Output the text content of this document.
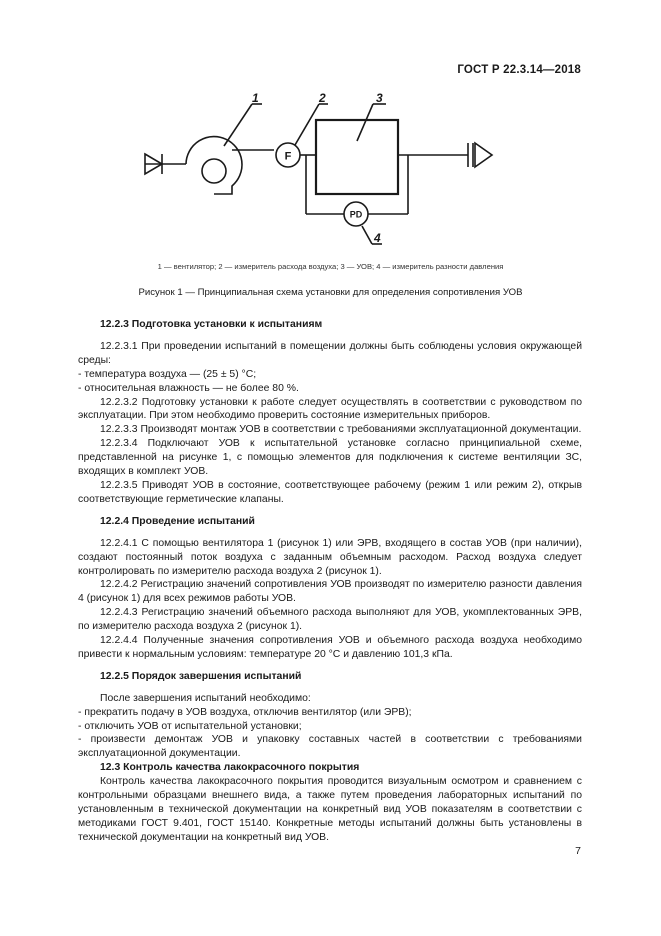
ГОСТ Р 22.3.14—2018
1	2	3
4
F
PD
1 — вентилятор; 2 — измеритель расхода воздуха; 3 — УОВ; 4 — измеритель разности давления
Рисунок 1 — Принципиальная схема установки для определения сопротивления УОВ

12.2.3 Подготовка установки к испытаниям

12.2.3.1 При проведении испытаний в помещении должны быть соблюдены условия окружающей среды:

- температура воздуха — (25 ± 5) °С;

- относительная влажность — не более 80 %.

12.2.3.2 Подготовку установки к работе следует осуществлять в соответствии с руководством по эксплуатации. При этом необходимо проверить состояние измерительных приборов.

12.2.3.3 Производят монтаж УОВ в соответствии с требованиями эксплуатационной документации.

12.2.3.4 Подключают УОВ к испытательной установке согласно принципиальной схеме, представленной на рисунке 1, с помощью элементов для подключения к системе вентиляции ЗС, входящих в комплект УОВ.

12.2.3.5 Приводят УОВ в состояние, соответствующее рабочему (режим 1 или режим 2), открыв соответствующие герметические клапаны.

12.2.4 Проведение испытаний

12.2.4.1 С помощью вентилятора 1 (рисунок 1) или ЭРВ, входящего в состав УОВ (при наличии), создают постоянный поток воздуха с заданным объемным расходом. Расход воздуха следует контролировать по измерителю расхода воздуха 2 (рисунок 1).

12.2.4.2 Регистрацию значений сопротивления УОВ производят по измерителю разности давления 4 (рисунок 1) для всех режимов работы УОВ.

12.2.4.3 Регистрацию значений объемного расхода выполняют для УОВ, укомплектованных ЭРВ, по измерителю расхода воздуха 2 (рисунок 1).

12.2.4.4 Полученные значения сопротивления УОВ и объемного расхода воздуха необходимо привести к нормальным условиям: температуре 20 °С и давлению 101,3 кПа.

12.2.5 Порядок завершения испытаний

После завершения испытаний необходимо:

- прекратить подачу в УОВ воздуха, отключив вентилятор (или ЭРВ);

- отключить УОВ от испытательной установки;

- произвести демонтаж УОВ и упаковку составных частей в соответствии с требованиями эксплуатационной документации.

12.3 Контроль качества лакокрасочного покрытия

Контроль качества лакокрасочного покрытия проводится визуальным осмотром и сравнением с контрольными образцами внешнего вида, а также путем проведения лабораторных испытаний по установленным в технической документации на конкретный вид УОВ показателям в соответствии с методиками ГОСТ 9.401, ГОСТ 15140. Конкретные методы испытаний должны быть установлены в технической документации на конкретный вид УОВ.

7
